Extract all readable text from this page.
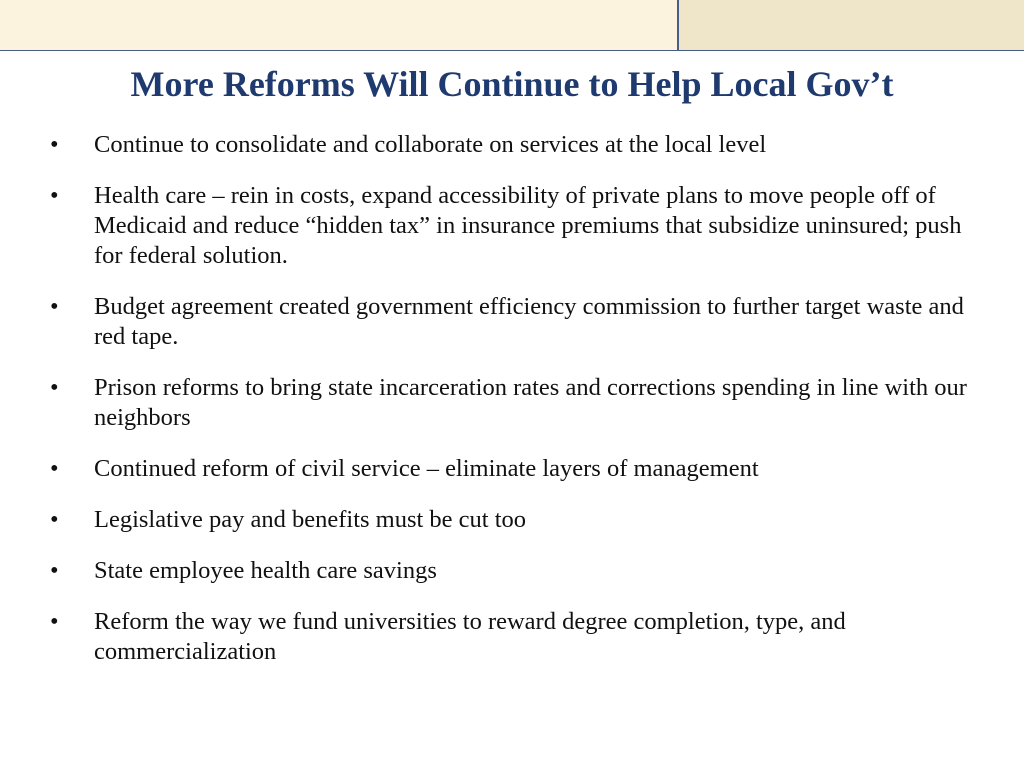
More Reforms Will Continue to Help Local Gov’t
• Continue to consolidate and collaborate on services at the local level
• Health care – rein in costs, expand accessibility of private plans to move people off of Medicaid and reduce “hidden tax” in insurance premiums that subsidize uninsured; push for federal solution.
• Budget agreement created government efficiency commission to further target waste and red tape.
• Prison reforms to bring state incarceration rates and corrections spending in line with our neighbors
• Continued reform of civil service – eliminate layers of management
• Legislative pay and benefits must be cut too
• State employee health care savings
• Reform the way we fund universities to reward degree completion, type, and commercialization
